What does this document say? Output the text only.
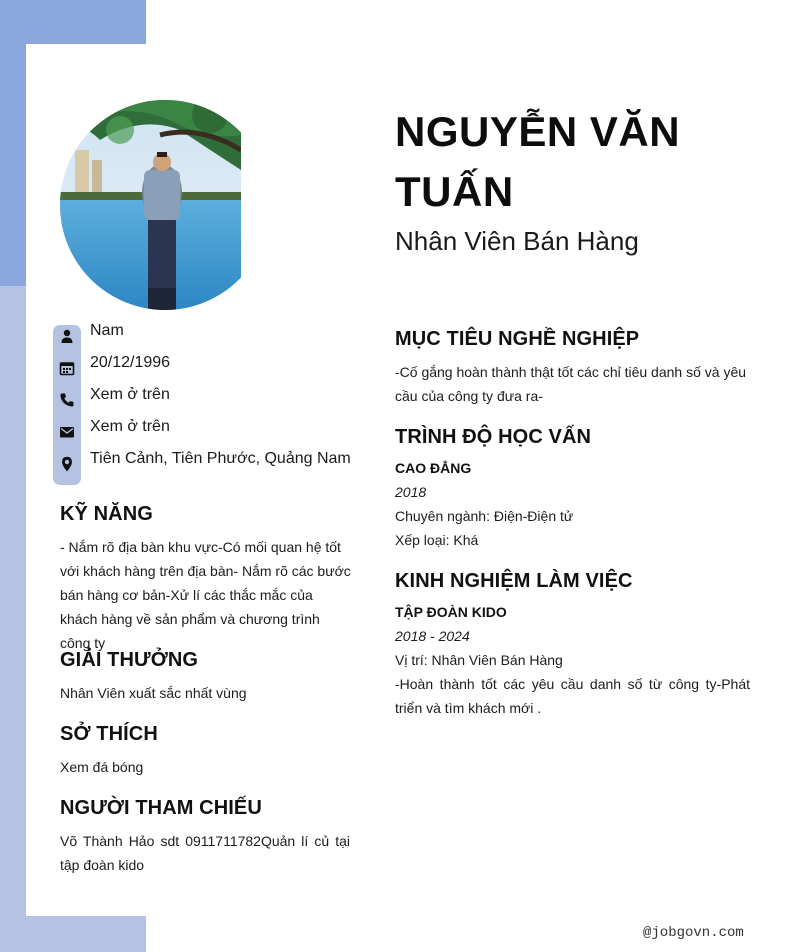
Nam
20/12/1996
Xem ở trên
Xem ở trên
Tiên Cảnh, Tiên Phước, Quảng Nam
KỸ NĂNG

- Nắm rõ địa bàn khu vực-Có mối quan hệ tốt với khách hàng trên địa bàn- Nắm rõ các bước bán hàng cơ bản-Xử lí các thắc mắc của khách hàng về sản phẩm và chương trình công ty

GIẢI THƯỞNG

Nhân Viên xuất sắc nhất vùng

SỞ THÍCH

Xem đá bóng

NGƯỜI THAM CHIẾU

Võ Thành Hảo sdt 0911711782Quản lí củ tại tập đoàn kido

NGUYỄN VĂN TUẤN
Nhân Viên Bán Hàng
MỤC TIÊU NGHỀ NGHIỆP

-Cố gắng hoàn thành thật tốt các chỉ tiêu danh số và yêu cầu của công ty đưa ra-

TRÌNH ĐỘ HỌC VẤN

CAO ĐẲNG

2018

Chuyên ngành: Điện-Điện tử

Xếp loại: Khá

KINH NGHIỆM LÀM VIỆC

TẬP ĐOÀN KIDO

2018 - 2024

Vị trí: Nhân Viên Bán Hàng

-Hoàn thành tốt các yêu cầu danh số từ công ty-Phát triển và tìm khách mới .

@jobgovn.com
